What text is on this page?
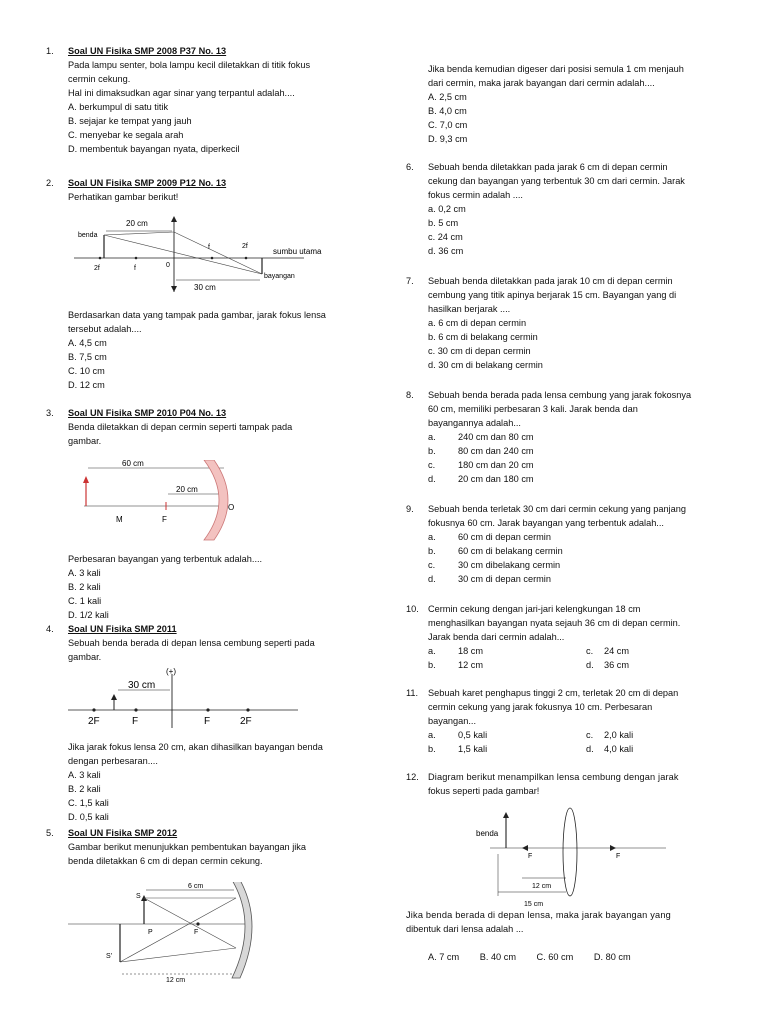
1. Soal UN Fisika SMP 2008 P37 No. 13
Pada lampu senter, bola lampu kecil diletakkan di titik fokus
cermin cekung.
Hal ini dimaksudkan agar sinar yang terpantul adalah....
A. berkumpul di satu titik
B. sejajar ke tempat yang jauh
C. menyebar ke segala arah
D. membentuk bayangan nyata, diperkecil
2. Soal UN Fisika SMP 2009 P12 No. 13
Perhatikan gambar berikut!
20 cm
benda
f	2f
sumbu utama
0
2f	f
30 cm
bayangan
Berdasarkan data yang tampak pada gambar, jarak fokus lensa
tersebut adalah....
A. 4,5 cm
B. 7,5 cm
C. 10 cm
D. 12 cm
3. Soal UN Fisika SMP 2010 P04 No. 13
Benda diletakkan di depan cermin seperti tampak pada
gambar.
60 cm
20 cm
M	F
O
Perbesaran bayangan yang terbentuk adalah....
A. 3 kali
B. 2 kali
C. 1 kali
D. 1/2 kali
4. Soal UN Fisika SMP 2011
Sebuah benda berada di depan lensa cembung seperti pada
gambar.
(+)
30 cm
2F	F	F	2F
Jika jarak fokus lensa 20 cm, akan dihasilkan bayangan benda
dengan perbesaran....
A. 3 kali
B. 2 kali
C. 1,5 kali
D. 0,5 kali
5. Soal UN Fisika SMP 2012
Gambar berikut menunjukkan pembentukan bayangan jika
benda diletakkan 6 cm di depan cermin cekung.
6 cm
S
P	F
S'
12 cm
Jika benda kemudian digeser dari posisi semula 1 cm menjauh
dari cermin, maka jarak bayangan dari cermin adalah....
A. 2,5 cm
B. 4,0 cm
C. 7,0 cm
D. 9,3 cm
6. Sebuah benda diletakkan pada jarak 6 cm di depan cermin
cekung dan bayangan yang terbentuk 30 cm dari cermin. Jarak
fokus cermin adalah ....
a. 0,2 cm
b. 5 cm
c. 24 cm
d. 36 cm
7. Sebuah benda diletakkan pada jarak 10 cm di depan cermin
cembung yang titik apinya berjarak 15 cm. Bayangan yang di
hasilkan berjarak ....
a. 6 cm di depan cermin
b. 6 cm di belakang cermin
c. 30 cm di depan cermin
d. 30 cm di belakang cermin
8. Sebuah benda berada pada lensa cembung yang jarak fokosnya
60 cm, memiliki perbesaran 3 kali. Jarak benda dan
bayangannya adalah...
a. 240 cm dan 80 cm
b. 80 cm dan 240 cm
c. 180 cm dan 20 cm
d. 20 cm dan 180 cm
9. Sebuah benda terletak 30 cm dari cermin cekung yang panjang
fokusnya 60 cm. Jarak bayangan yang terbentuk adalah...
a. 60 cm di depan cermin
b. 60 cm di belakang cermin
c. 30 cm dibelakang cermin
d. 30 cm di depan cermin
10. Cermin cekung dengan jari-jari kelengkungan 18 cm
menghasilkan bayangan nyata sejauh 36 cm di depan cermin.
Jarak benda dari cermin adalah...
a. 18 cm	c. 24 cm
b. 12 cm	d. 36 cm
11. Sebuah karet penghapus tinggi 2 cm, terletak 20 cm di depan
cermin cekung yang jarak fokusnya 10 cm. Perbesaran
bayangan...
a. 0,5 kali	c. 2,0 kali
b. 1,5 kali	d. 4,0 kali
12. Diagram berikut menampilkan lensa cembung dengan jarak
fokus seperti pada gambar!
benda
F	F
12 cm
15 cm
Jika benda berada di depan lensa, maka jarak bayangan yang
dibentuk dari lensa adalah ...
A. 7 cm B. 40 cm C. 60 cm D. 80 cm
